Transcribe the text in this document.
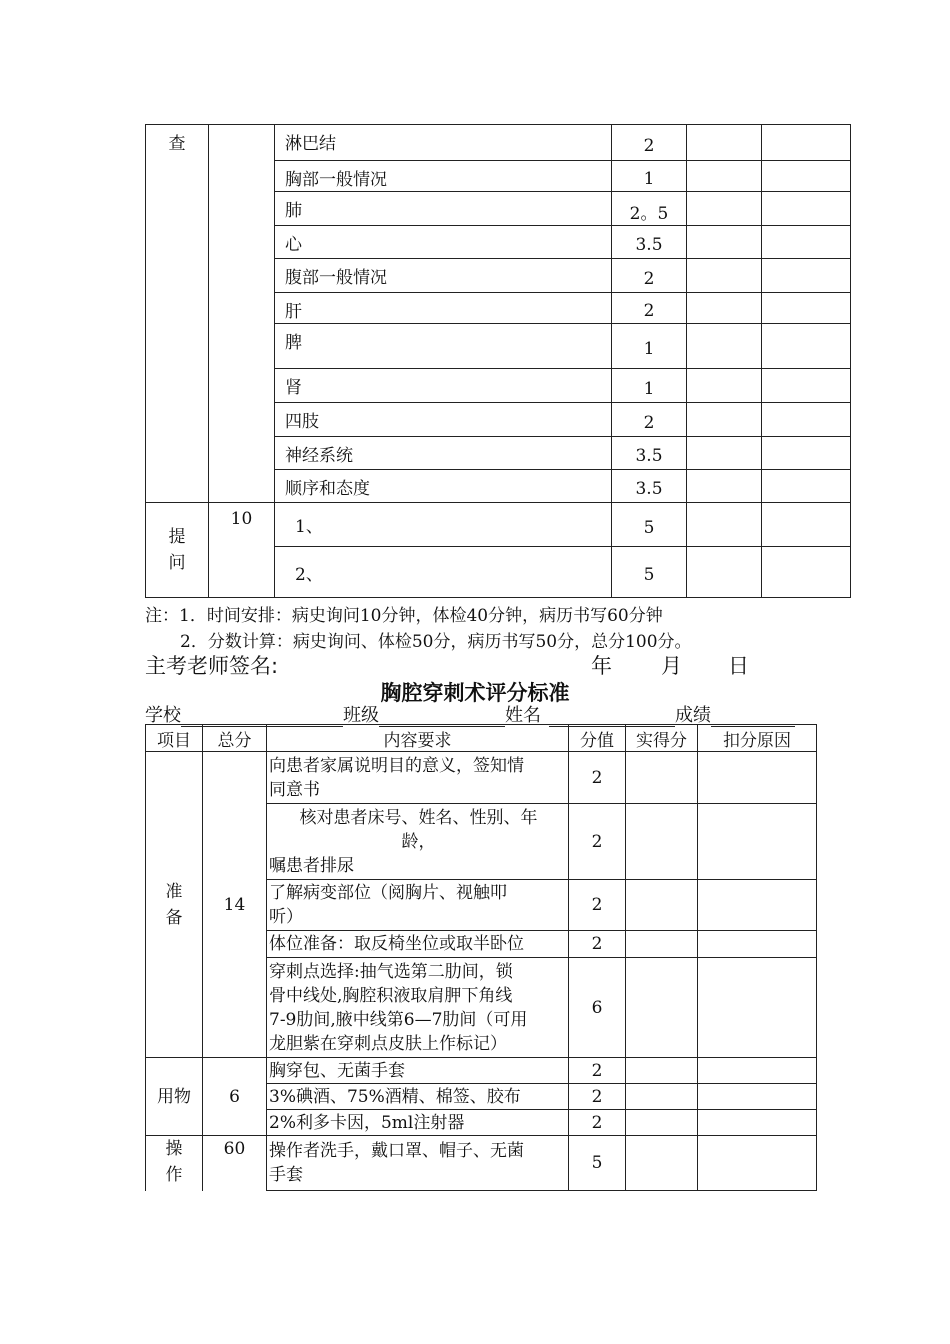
查		淋巴结	2		
		胸部一般情况	1		
		肺	2。5		
		心	3.5		
		腹部一般情况	2		
		肝	2		
		脾	1		
		肾	1		
		四肢	2		
		神经系统	3.5		
		顺序和态度	3.5		
提
问	10	1、	5		
		2、	5		
注：1．时间安排：病史询问10分钟，体检40分钟，病历书写60分钟
2．分数计算：病史询问、体检50分，病历书写50分，总分100分。
主考老师签名:	年 月 日
胸腔穿刺术评分标准
学校	班级	姓名	成绩
项目	总分	内容要求	分值	实得分	扣分原因
准
备	14	向患者家属说明目的意义，签知情
同意书	2		

		核对患者床号、姓名、性别、年
龄，
嘱患者排尿	2		
		了解病变部位（阅胸片、视触叩
听）	2		
		体位准备：取反椅坐位或取半卧位	2		
		穿刺点选择:抽气选第二肋间，锁
骨中线处,胸腔积液取肩胛下角线
7-9肋间,腋中线第6—7肋间（可用
龙胆紫在穿刺点皮肤上作标记）	6		
用物	6	胸穿包、无菌手套	2		
		3%碘酒、75%酒精、棉签、胶布	2		
		2%利多卡因，5ml注射器	2		
操
作	60	操作者洗手，戴口罩、帽子、无菌
手套	5		
